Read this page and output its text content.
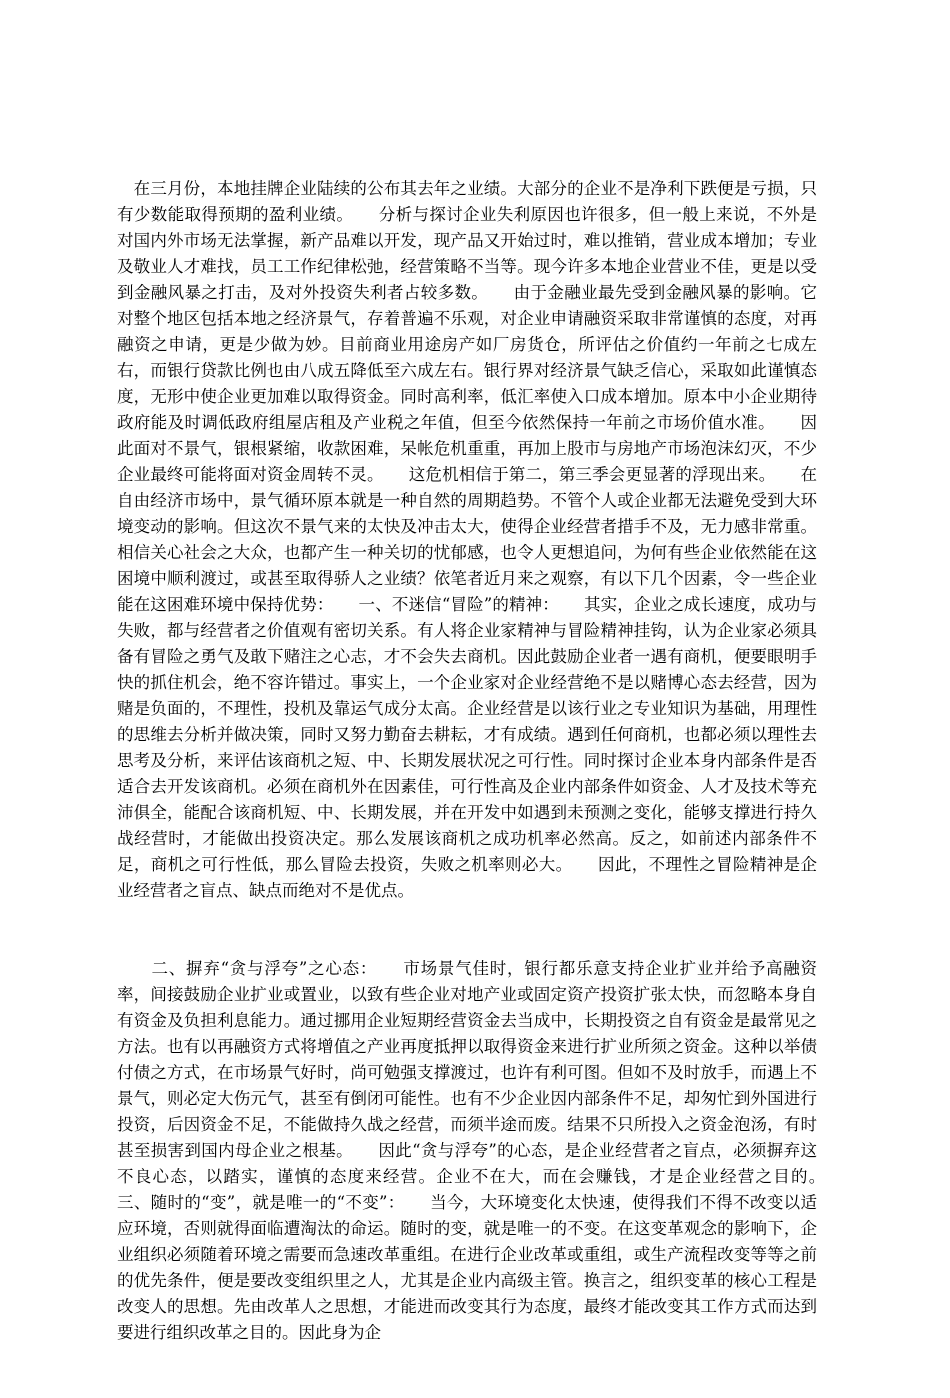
　在三月份，本地挂牌企业陆续的公布其去年之业绩。大部分的企业不是净利下跌便是亏损，只有少数能取得预期的盈利业绩。　　分析与探讨企业失利原因也许很多，但一般上来说，不外是对国内外市场无法掌握，新产品难以开发，现产品又开始过时，难以推销，营业成本增加；专业及敬业人才难找，员工工作纪律松弛，经营策略不当等。现今许多本地企业营业不佳，更是以受到金融风暴之打击，及对外投资失利者占较多数。　　由于金融业最先受到金融风暴的影响。它对整个地区包括本地之经济景气，存着普遍不乐观，对企业申请融资采取非常谨慎的态度，对再融资之申请，更是少做为妙。目前商业用途房产如厂房货仓，所评估之价值约一年前之七成左右，而银行贷款比例也由八成五降低至六成左右。银行界对经济景气缺乏信心，采取如此谨慎态度，无形中使企业更加难以取得资金。同时高利率，低汇率使入口成本增加。原本中小企业期待政府能及时调低政府组屋店租及产业税之年值，但至今依然保持一年前之市场价值水准。　　因此面对不景气，银根紧缩，收款困难，呆帐危机重重，再加上股市与房地产市场泡沫幻灭，不少企业最终可能将面对资金周转不灵。　　这危机相信于第二，第三季会更显著的浮现出来。　　在自由经济市场中，景气循环原本就是一种自然的周期趋势。不管个人或企业都无法避免受到大环境变动的影响。但这次不景气来的太快及冲击太大，使得企业经营者措手不及，无力感非常重。相信关心社会之大众，也都产生一种关切的忧郁感，也令人更想追问，为何有些企业依然能在这困境中顺利渡过，或甚至取得骄人之业绩？依笔者近月来之观察，有以下几个因素，令一些企业能在这困难环境中保持优势：　　一、不迷信“冒险”的精神：　　其实，企业之成长速度，成功与失败，都与经营者之价值观有密切关系。有人将企业家精神与冒险精神挂钩，认为企业家必须具备有冒险之勇气及敢下赌注之心志，才不会失去商机。因此鼓励企业者一遇有商机，便要眼明手快的抓住机会，绝不容许错过。事实上，一个企业家对企业经营绝不是以赌博心态去经营，因为赌是负面的，不理性，投机及靠运气成分太高。企业经营是以该行业之专业知识为基础，用理性的思维去分析并做决策，同时又努力勤奋去耕耘，才有成绩。遇到任何商机，也都必须以理性去思考及分析，来评估该商机之短、中、长期发展状况之可行性。同时探讨企业本身内部条件是否适合去开发该商机。必须在商机外在因素佳，可行性高及企业内部条件如资金、人才及技术等充沛俱全，能配合该商机短、中、长期发展，并在开发中如遇到未预测之变化，能够支撑进行持久战经营时，才能做出投资决定。那么发展该商机之成功机率必然高。反之，如前述内部条件不足，商机之可行性低，那么冒险去投资，失败之机率则必大。　　因此，不理性之冒险精神是企业经营者之盲点、缺点而绝对不是优点。

　　二、摒弃“贪与浮夸”之心态：　　市场景气佳时，银行都乐意支持企业扩业并给予高融资率，间接鼓励企业扩业或置业，以致有些企业对地产业或固定资产投资扩张太快，而忽略本身自有资金及负担利息能力。通过挪用企业短期经营资金去当成中，长期投资之自有资金是最常见之方法。也有以再融资方式将增值之产业再度抵押以取得资金来进行扩业所须之资金。这种以举债付债之方式，在市场景气好时，尚可勉强支撑渡过，也许有利可图。但如不及时放手，而遇上不景气，则必定大伤元气，甚至有倒闭可能性。也有不少企业因内部条件不足，却匆忙到外国进行投资，后因资金不足，不能做持久战之经营，而须半途而废。结果不只所投入之资金泡汤，有时甚至损害到国内母企业之根基。　　因此“贪与浮夸”的心态，是企业经营者之盲点，必须摒弃这不良心态，以踏实，谨慎的态度来经营。企业不在大，而在会赚钱，才是企业经营之目的。　　三、随时的“变”，就是唯一的“不变”：　　当今，大环境变化太快速，使得我们不得不改变以适应环境，否则就得面临遭淘汰的命运。随时的变，就是唯一的不变。在这变革观念的影响下，企业组织必须随着环境之需要而急速改革重组。在进行企业改革或重组，或生产流程改变等等之前的优先条件，便是要改变组织里之人，尤其是企业内高级主管。换言之，组织变革的核心工程是改变人的思想。先由改革人之思想，才能进而改变其行为态度，最终才能改变其工作方式而达到要进行组织改革之目的。因此身为企
